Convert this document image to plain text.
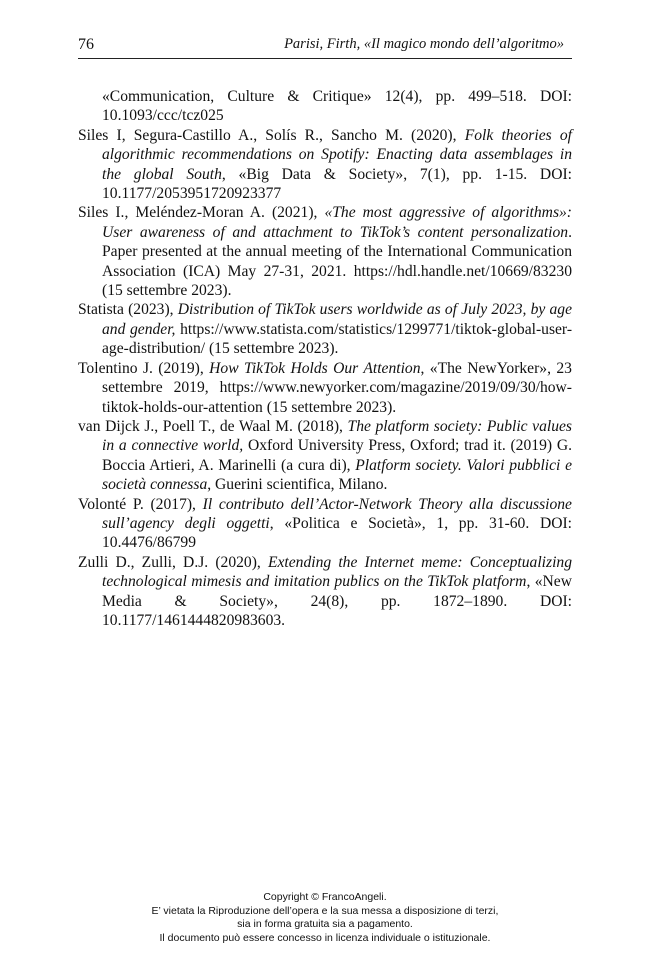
76	Parisi, Firth, «Il magico mondo dell’algoritmo»

«Communication, Culture & Critique» 12(4), pp. 499–518. DOI: 10.1093/ccc/tcz025

Siles I, Segura-Castillo A., Solís R., Sancho M. (2020), Folk theories of algorithmic recommendations on Spotify: Enacting data assemblages in the global South, «Big Data & Society», 7(1), pp. 1-15. DOI: 10.1177/2053951720923377

Siles I., Meléndez-Moran A. (2021), «The most aggressive of algorithms»: User awareness of and attachment to TikTok’s content personalization. Paper presented at the annual meeting of the International Communication Association (ICA) May 27-31, 2021. https://hdl.handle.net/10669/83230 (15 settembre 2023).

Statista (2023), Distribution of TikTok users worldwide as of July 2023, by age and gender, https://www.statista.com/statistics/1299771/tiktok-global-user-age-distribution/ (15 settembre 2023).

Tolentino J. (2019), How TikTok Holds Our Attention, «The NewYorker», 23 settembre 2019, https://www.newyorker.com/magazine/2019/09/30/how-tiktok-holds-our-attention (15 settembre 2023).

van Dijck J., Poell T., de Waal M. (2018), The platform society: Public values in a connective world, Oxford University Press, Oxford; trad it. (2019) G. Boccia Artieri, A. Marinelli (a cura di), Platform society. Valori pubblici e società connessa, Guerini scientifica, Milano.

Volonté P. (2017), Il contributo dell’Actor-Network Theory alla discussione sull’agency degli oggetti, «Politica e Società», 1, pp. 31-60. DOI: 10.4476/86799

Zulli D., Zulli, D.J. (2020), Extending the Internet meme: Conceptualizing technological mimesis and imitation publics on the TikTok platform, «New Media & Society», 24(8), pp. 1872–1890. DOI: 10.1177/1461444820983603.

Copyright © FrancoAngeli.
E’ vietata la Riproduzione dell’opera e la sua messa a disposizione di terzi,
sia in forma gratuita sia a pagamento.
Il documento può essere concesso in licenza individuale o istituzionale.
